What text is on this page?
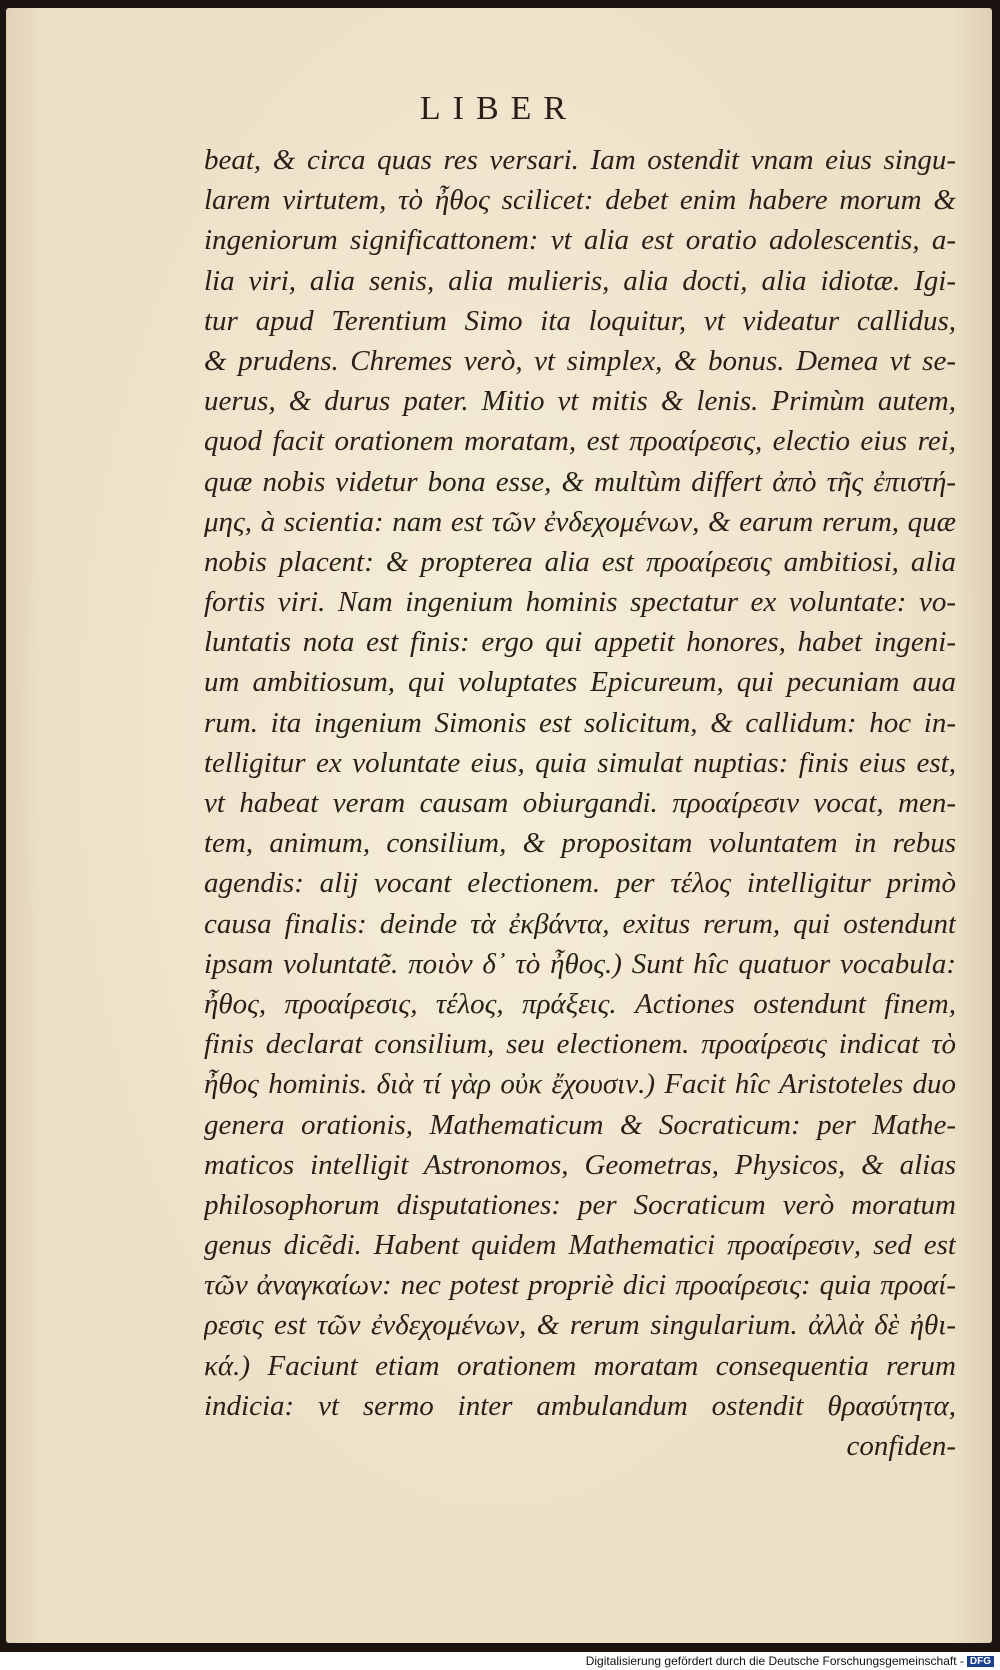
LIBER
beat, & circa quas res versari. Iam ostendit vnam eius singu-
larem virtutem, τὸ ἦθος scilicet: debet enim habere morum &
ingeniorum significattonem: vt alia est oratio adolescentis, a-
lia viri, alia senis, alia mulieris, alia docti, alia idiotæ. Igi-
tur apud Terentium Simo ita loquitur, vt videatur callidus,
& prudens. Chremes verò, vt simplex, & bonus. Demea vt se-
uerus, & durus pater. Mitio vt mitis & lenis. Primùm autem,
quod facit orationem moratam, est προαίρεσις, electio eius rei,
quæ nobis videtur bona esse, & multùm differt ἀπὸ τῆς ἐπιστή-
μης, à scientia: nam est τῶν ἐνδεχομένων, & earum rerum, quæ
nobis placent: & propterea alia est προαίρεσις ambitiosi, alia
fortis viri. Nam ingenium hominis spectatur ex voluntate: vo-
luntatis nota est finis: ergo qui appetit honores, habet ingeni-
um ambitiosum, qui voluptates Epicureum, qui pecuniam aua
rum. ita ingenium Simonis est solicitum, & callidum: hoc in-
telligitur ex voluntate eius, quia simulat nuptias: finis eius est,
vt habeat veram causam obiurgandi. προαίρεσιν vocat, men-
tem, animum, consilium, & propositam voluntatem in rebus
agendis: alij vocant electionem. per τέλος intelligitur primò
causa finalis: deinde τὰ ἐκβάντα, exitus rerum, qui ostendunt
ipsam voluntatẽ. ποιὸν δ᾽ τὸ ἦθος.) Sunt hîc quatuor vocabula:
ἦθος, προαίρεσις, τέλος, πράξεις. Actiones ostendunt finem,
finis declarat consilium, seu electionem. προαίρεσις indicat τὸ
ἦθος hominis. διὰ τί γὰρ οὐκ ἔχουσιν.) Facit hîc Aristoteles duo
genera orationis, Mathematicum & Socraticum: per Mathe-
maticos intelligit Astronomos, Geometras, Physicos, & alias
philosophorum disputationes: per Socraticum verò moratum
genus dicẽdi. Habent quidem Mathematici προαίρεσιν, sed est
τῶν ἀναγκαίων: nec potest propriè dici προαίρεσις: quia προαί-
ρεσις est τῶν ἐνδεχομένων, & rerum singularium. ἀλλὰ δὲ ἠθι-
κά.) Faciunt etiam orationem moratam consequentia rerum
indicia: vt sermo inter ambulandum ostendit θρασύτητα,
confiden-
Digitalisierung gefördert durch die Deutsche Forschungsgemeinschaft - DFG
